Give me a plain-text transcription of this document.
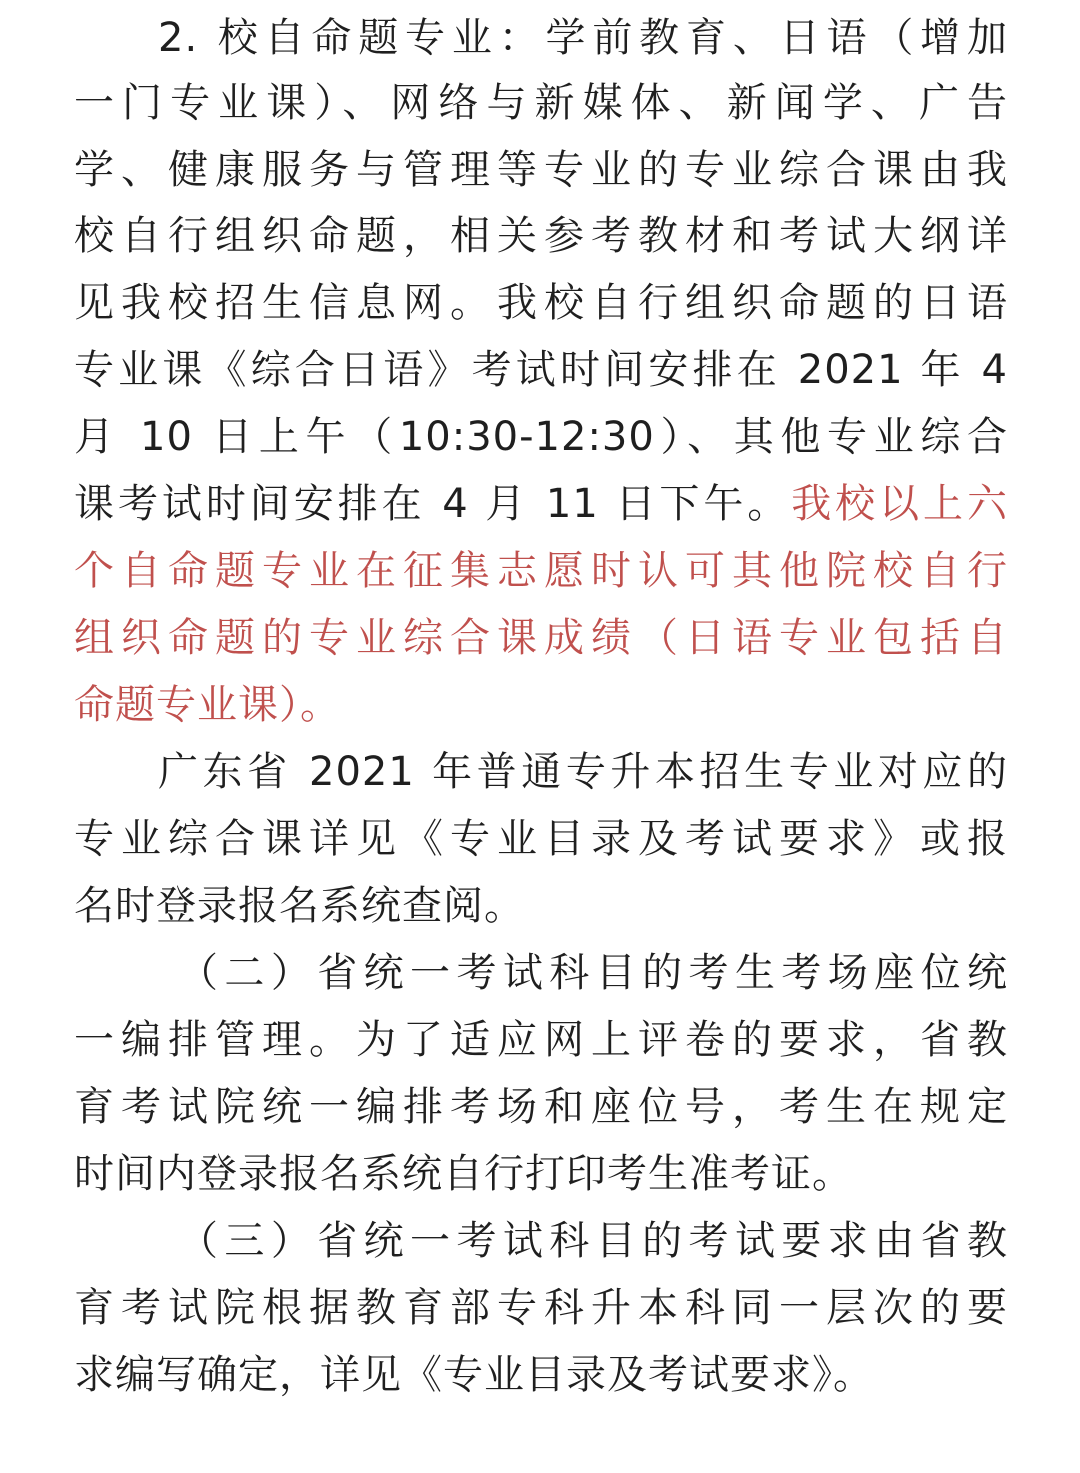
2. 校自命题专业：学前教育、日语（增加
一门专业课）、网络与新媒体、新闻学、广告
学、健康服务与管理等专业的专业综合课由我
校自行组织命题，相关参考教材和考试大纲详
见我校招生信息网。我校自行组织命题的日语
专业课《综合日语》考试时间安排在 2021 年 4
月 10 日上午（10:30-12:30）、其他专业综合
课考试时间安排在 4 月 11 日下午。我校以上六
个自命题专业在征集志愿时认可其他院校自行
组织命题的专业综合课成绩（日语专业包括自
命题专业课）。
广东省 2021 年普通专升本招生专业对应的
专业综合课详见《专业目录及考试要求》或报
名时登录报名系统查阅。
（二）省统一考试科目的考生考场座位统
一编排管理。为了适应网上评卷的要求，省教
育考试院统一编排考场和座位号，考生在规定
时间内登录报名系统自行打印考生准考证。
（三）省统一考试科目的考试要求由省教
育考试院根据教育部专科升本科同一层次的要
求编写确定，详见《专业目录及考试要求》。
